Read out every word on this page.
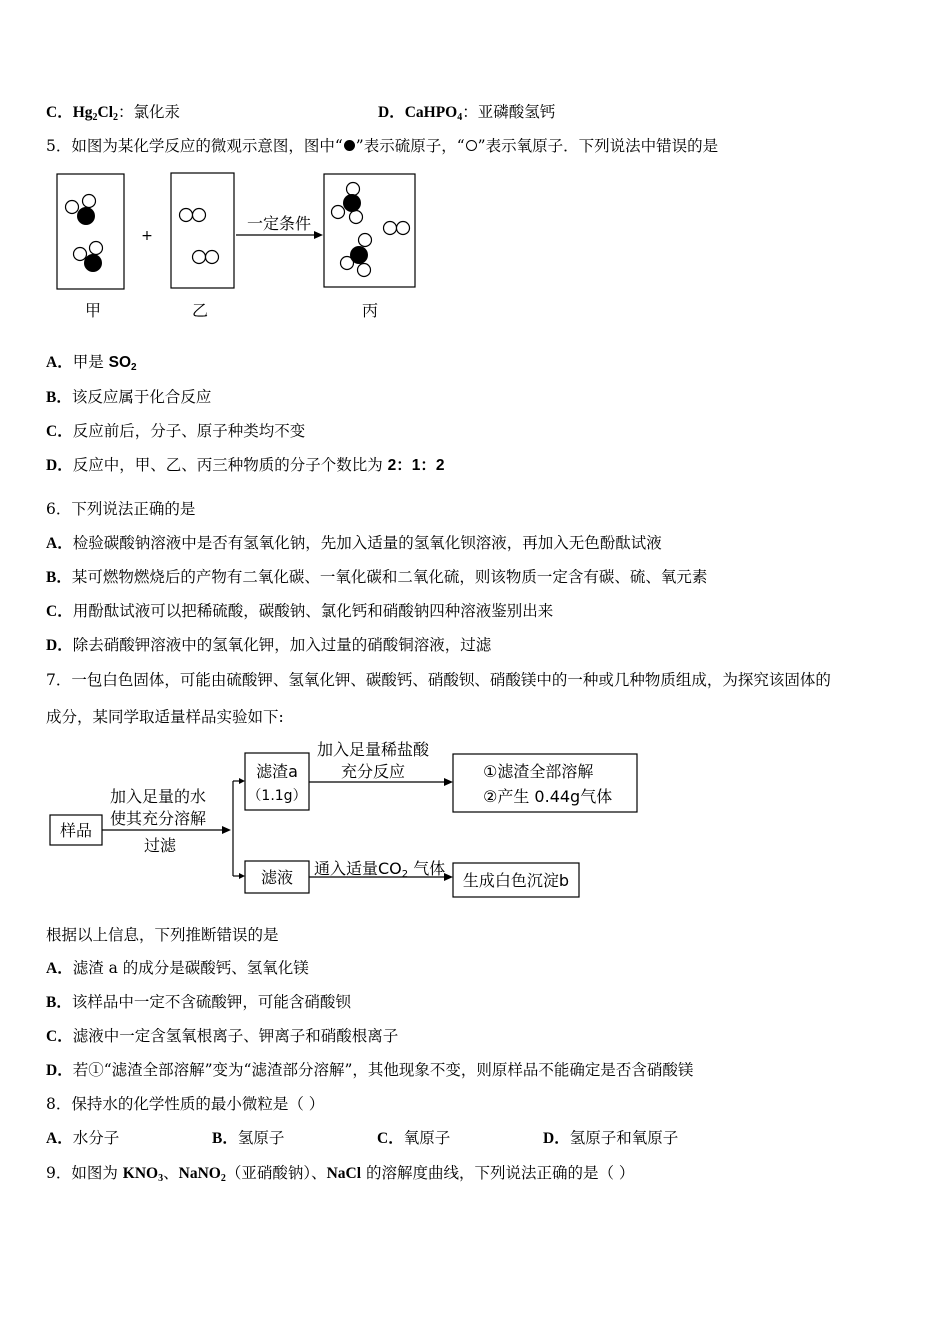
C．$Hg_2Cl_2$：氯化汞	D．CaHPO$_4$：亚磷酸氢钙
5．如图为某化学反应的微观示意图，图中“ ”表示硫原子，“ ”表示氧原子．下列说法中错误的是
+
一定条件
甲	乙	丙
A．甲是 $SO_2$
B．该反应属于化合反应
C．反应前后，分子、原子种类均不变
D．反应中，甲、乙、丙三种物质的分子个数比为 2：1：2
6．下列说法正确的是
A．检验碳酸钠溶液中是否有氢氧化钠，先加入适量的氢氧化钡溶液，再加入无色酚酞试液
B．某可燃物燃烧后的产物有二氧化碳、一氧化碳和二氧化硫，则该物质一定含有碳、硫、氧元素
C．用酚酞试液可以把稀硫酸，碳酸钠、氯化钙和硝酸钠四种溶液鉴别出来
D．除去硝酸钾溶液中的氢氧化钾，加入过量的硝酸铜溶液，过滤
7．一包白色固体，可能由硫酸钾、氢氧化钾、碳酸钙、硝酸钡、硝酸镁中的一种或几种物质组成，为探究该固体的
成分，某同学取适量样品实验如下:
样品
加入足量的水
使其充分溶解
过滤
滤渣a
（1.1g）
加入足量稀盐酸
充分反应	①滤渣全部溶解
②产生 0.44g气体
滤液 通入适量CO2 气体
生成白色沉淀b
根据以上信息，下列推断错误的是
A．滤渣 a 的成分是碳酸钙、氢氧化镁
B．该样品中一定不含硫酸钾，可能含硝酸钡
C．滤液中一定含氢氧根离子、钾离子和硝酸根离子
D．若①“滤渣全部溶解”变为“滤渣部分溶解”，其他现象不变，则原样品不能确定是否含硝酸镁
8．保持水的化学性质的最小微粒是（ ）
A．水分子	B．氢原子	C．氧原子	D．氢原子和氧原子
9．如图为 $KNO_3$、NaNO$_2$（亚硝酸钠）、NaCl 的溶解度曲线，下列说法正确的是（ ）
